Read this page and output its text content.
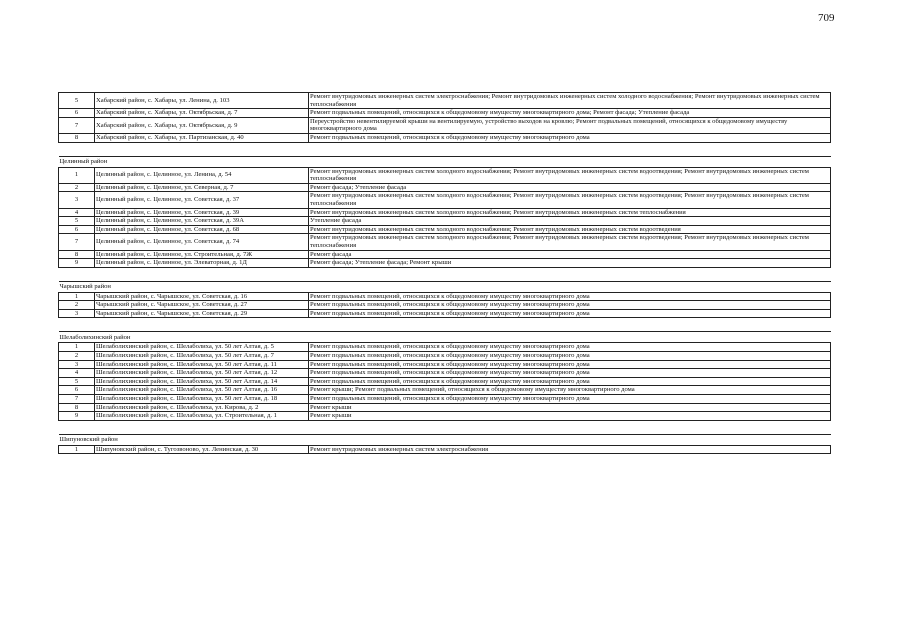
709
5	Хабарский район, с. Хабары, ул. Ленина, д. 103	Ремонт внутридомовых инженерных систем электроснабжения; Ремонт внутридомовых инженерных систем холодного водоснабжения; Ремонт внутридомовых инженерных систем теплоснабжения
6	Хабарский район, с. Хабары, ул. Октябрьская, д. 7	Ремонт подвальных помещений, относящихся к общедомовому имуществу многоквартирного дома; Ремонт фасада; Утепление фасада
7	Хабарский район, с. Хабары, ул. Октябрьская, д. 9	Переустройство невентилируемой крыши на вентилируемую, устройство выходов на кровлю; Ремонт подвальных помещений, относящихся к общедомовому имуществу многоквартирного дома
8	Хабарский район, с. Хабары, ул. Партизанская, д. 40	Ремонт подвальных помещений, относящихся к общедомовому имуществу многоквартирного дома

Целинный район		
1	Целинный район, с. Целинное, ул. Ленина, д. 54	Ремонт внутридомовых инженерных систем холодного водоснабжения; Ремонт внутридомовых инженерных систем водоотведения; Ремонт внутридомовых инженерных систем теплоснабжения
2	Целинный район, с. Целинное, ул. Северная, д. 7	Ремонт фасада; Утепление фасада
3	Целинный район, с. Целинное, ул. Советская, д. 37	Ремонт внутридомовых инженерных систем холодного водоснабжения; Ремонт внутридомовых инженерных систем водоотведения; Ремонт внутридомовых инженерных систем теплоснабжения
4	Целинный район, с. Целинное, ул. Советская, д. 39	Ремонт внутридомовых инженерных систем холодного водоснабжения; Ремонт внутридомовых инженерных систем теплоснабжения
5	Целинный район, с. Целинное, ул. Советская, д. 39А	Утепление фасада
6	Целинный район, с. Целинное, ул. Советская, д. 68	Ремонт внутридомовых инженерных систем холодного водоснабжения; Ремонт внутридомовых инженерных систем водоотведения
7	Целинный район, с. Целинное, ул. Советская, д. 74	Ремонт внутридомовых инженерных систем холодного водоснабжения; Ремонт внутридомовых инженерных систем водоотведения; Ремонт внутридомовых инженерных систем теплоснабжения
8	Целинный район, с. Целинное, ул. Строительная, д. 7Ж	Ремонт фасада
9	Целинный район, с. Целинное, ул. Элеваторная, д. 1Д	Ремонт фасада; Утепление фасада; Ремонт крыши

Чарышский район		
1	Чарышский район, с. Чарышское, ул. Советская, д. 16	Ремонт подвальных помещений, относящихся к общедомовому имуществу многоквартирного дома
2	Чарышский район, с. Чарышское, ул. Советская, д. 27	Ремонт подвальных помещений, относящихся к общедомовому имуществу многоквартирного дома
3	Чарышский район, с. Чарышское, ул. Советская, д. 29	Ремонт подвальных помещений, относящихся к общедомовому имуществу многоквартирного дома

Шелаболихинский район		
1	Шелаболихинский район, с. Шелаболиха, ул. 50 лет Алтая, д. 5	Ремонт подвальных помещений, относящихся к общедомовому имуществу многоквартирного дома
2	Шелаболихинский район, с. Шелаболиха, ул. 50 лет Алтая, д. 7	Ремонт подвальных помещений, относящихся к общедомовому имуществу многоквартирного дома
3	Шелаболихинский район, с. Шелаболиха, ул. 50 лет Алтая, д. 11	Ремонт подвальных помещений, относящихся к общедомовому имуществу многоквартирного дома
4	Шелаболихинский район, с. Шелаболиха, ул. 50 лет Алтая, д. 12	Ремонт подвальных помещений, относящихся к общедомовому имуществу многоквартирного дома
5	Шелаболихинский район, с. Шелаболиха, ул. 50 лет Алтая, д. 14	Ремонт подвальных помещений, относящихся к общедомовому имуществу многоквартирного дома
6	Шелаболихинский район, с. Шелаболиха, ул. 50 лет Алтая, д. 16	Ремонт крыши; Ремонт подвальных помещений, относящихся к общедомовому имуществу многоквартирного дома
7	Шелаболихинский район, с. Шелаболиха, ул. 50 лет Алтая, д. 18	Ремонт подвальных помещений, относящихся к общедомовому имуществу многоквартирного дома
8	Шелаболихинский район, с. Шелаболиха, ул. Кирова, д. 2	Ремонт крыши
9	Шелаболихинский район, с. Шелаболиха, ул. Строительная, д. 1	Ремонт крыши

Шипуновский район		
1	Шипуновский район, с. Тугозвоново, ул. Ленинская, д. 30	Ремонт внутридомовых инженерных систем электроснабжения
